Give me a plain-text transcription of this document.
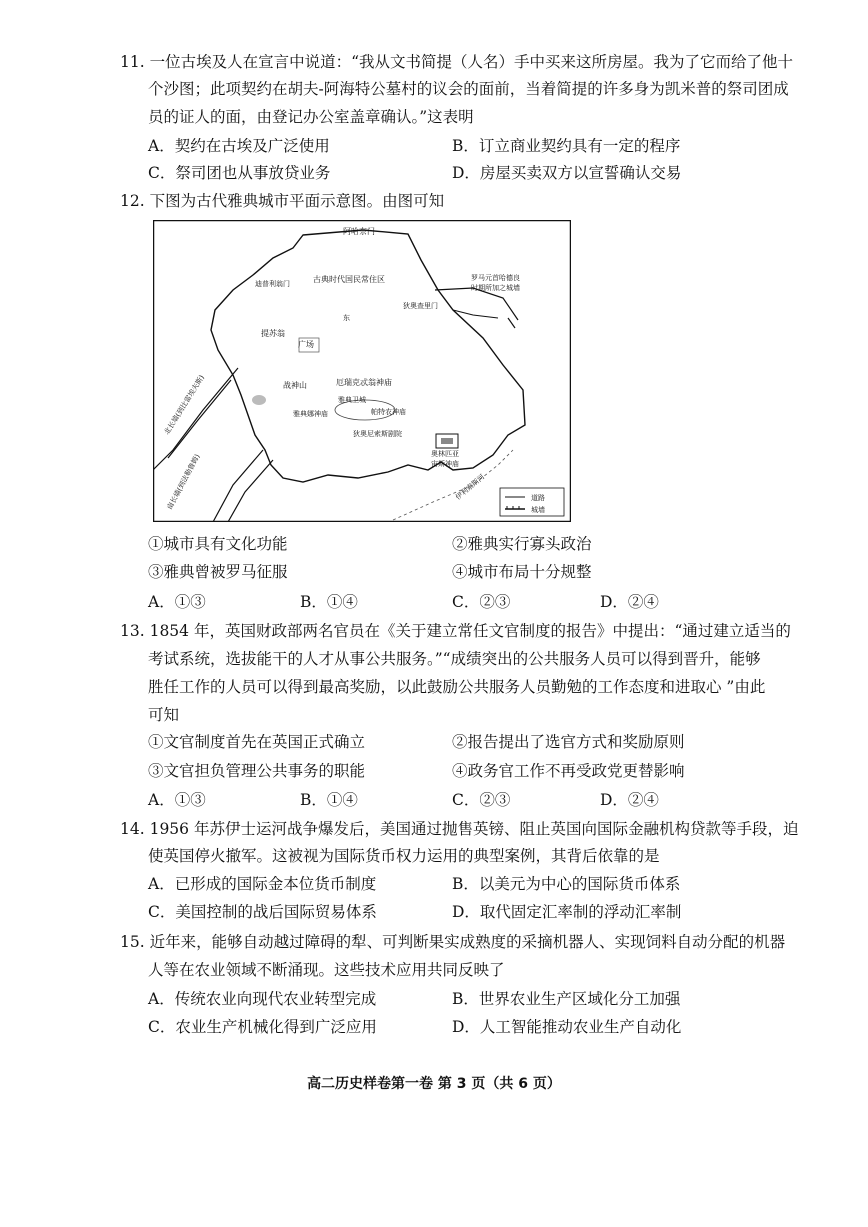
11. 一位古埃及人在宣言中说道：“我从文书简提（人名）手中买来这所房屋。我为了它而给了他十
个沙图；此项契约在胡夫-阿海特公墓村的议会的面前，当着简提的许多身为凯米普的祭司团成
员的证人的面，由登记办公室盖章确认。”这表明
A．契约在古埃及广泛使用	B．订立商业契约具有一定的程序
C．祭司团也从事放贷业务	D．房屋买卖双方以宣誓确认交易
12. 下图为古代雅典城市平面示意图。由图可知
阿哈奈门
古典时代国民常住区	罗马元首哈德良
时期所加之城墙
迪普利翁门
狄奥查里门
提苏翁
广场
战神山	厄瑞克忒翁神庙
雅典卫城
雅典娜神庙	帕特农神庙
狄奥尼索斯剧院
奥林匹亚
宙斯神庙
北长墙(到比雷埃夫斯)
南长墙(到法勒鲁姆)	伊利索斯河
东
道路
城墙
①城市具有文化功能	②雅典实行寡头政治
③雅典曾被罗马征服	④城市布局十分规整
A．①③	B．①④	C．②③	D．②④
13. 1854 年，英国财政部两名官员在《关于建立常任文官制度的报告》中提出：“通过建立适当的
考试系统，选拔能干的人才从事公共服务。”“成绩突出的公共服务人员可以得到晋升，能够
胜任工作的人员可以得到最高奖励，以此鼓励公共服务人员勤勉的工作态度和进取心 ”由此
可知
①文官制度首先在英国正式确立	②报告提出了选官方式和奖励原则
③文官担负管理公共事务的职能	④政务官工作不再受政党更替影响
A．①③	B．①④	C．②③	D．②④
14. 1956 年苏伊士运河战争爆发后，美国通过抛售英镑、阻止英国向国际金融机构贷款等手段，迫
使英国停火撤军。这被视为国际货币权力运用的典型案例，其背后依靠的是
A．已形成的国际金本位货币制度	B．以美元为中心的国际货币体系
C．美国控制的战后国际贸易体系	D．取代固定汇率制的浮动汇率制
15. 近年来，能够自动越过障碍的犁、可判断果实成熟度的采摘机器人、实现饲料自动分配的机器
人等在农业领域不断涌现。这些技术应用共同反映了
A．传统农业向现代农业转型完成	B．世界农业生产区域化分工加强
C．农业生产机械化得到广泛应用	D．人工智能推动农业生产自动化
高二历史样卷第一卷 第 3 页（共 6 页）
